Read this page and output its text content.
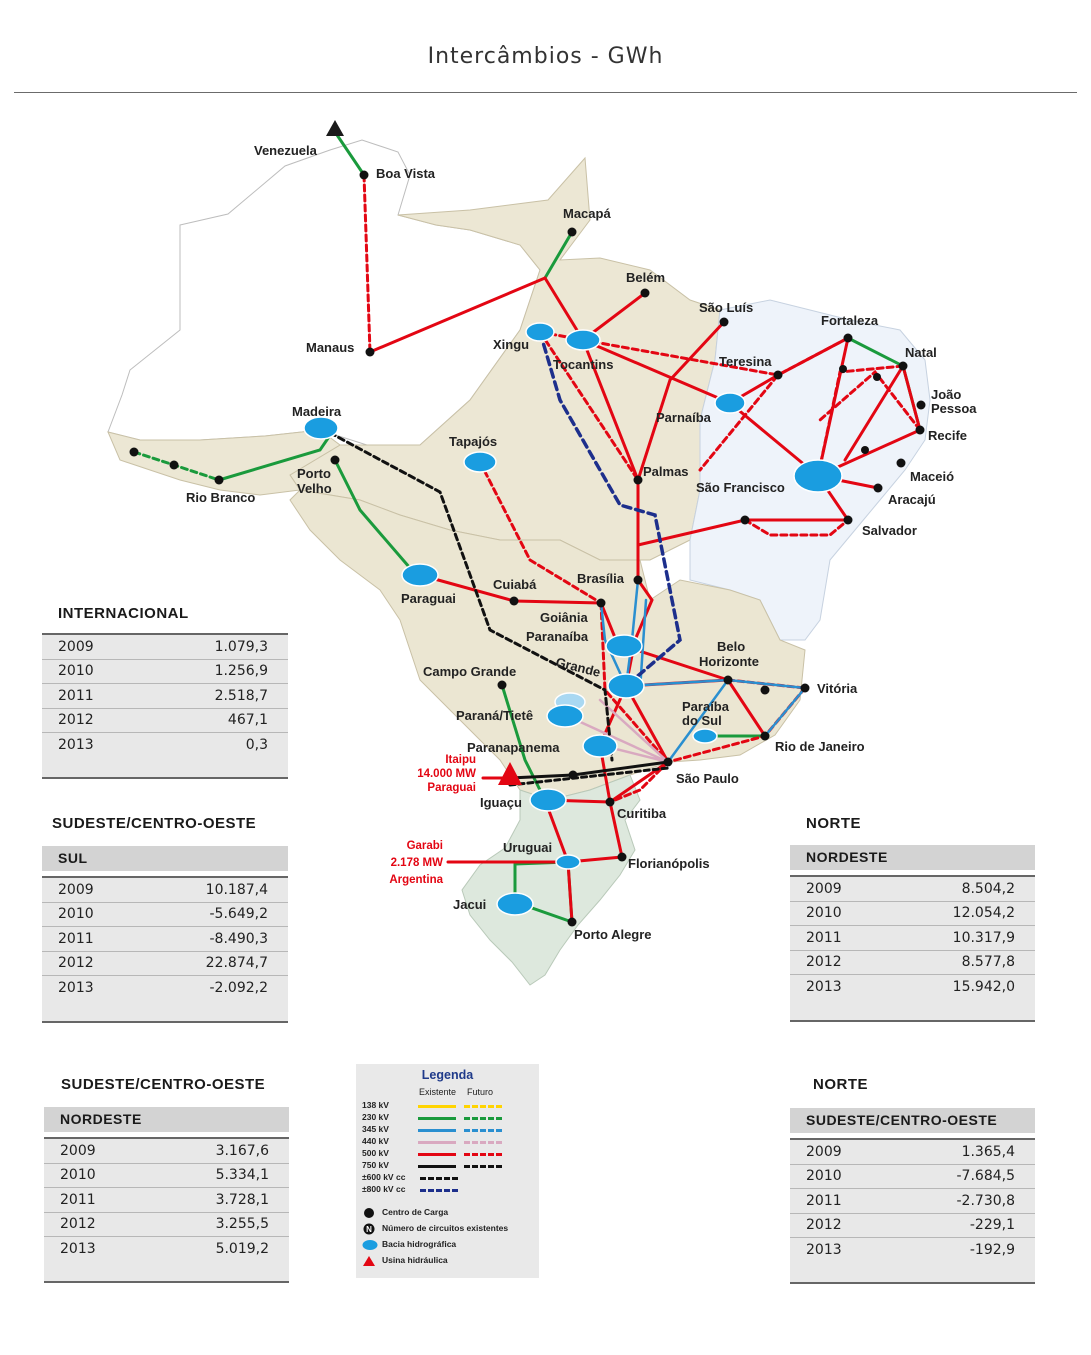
Intercâmbios - GWh
Venezuela
Boa Vista
Macapá
Belém
São Luís
Fortaleza
Natal
João
Pessoa
Recife
Maceió
Aracajú
Salvador
São Francisco
Teresina
Parnaíba
Tocantins
Xingu
Manaus
Madeira
Tapajós
Palmas
Rio Branco
Porto
Velho
Paraguai
Cuiabá	Brasília
Goiânia
Paranaíba
Grande
Belo
Horizonte
Vitória
Campo Grande
Paraná/Tietê
Paraíba
do Sul
Rio de Janeiro
Paranapanema
São Paulo
Iguaçu
Curitiba
Uruguai
Florianópolis
Jacui
Porto Alegre
Itaipu
14.000 MW
Paraguai
Garabi
2.178 MW
Argentina
INTERNACIONAL
2009	1.079,3
2010	1.256,9
2011	2.518,7
2012	467,1
2013	0,3
SUDESTE/CENTRO-OESTE
SUL
2009	10.187,4
2010	-5.649,2
2011	-8.490,3
2012	22.874,7
2013	-2.092,2
NORTE
NORDESTE
2009	8.504,2
2010	12.054,2
2011	10.317,9
2012	8.577,8
2013	15.942,0
SUDESTE/CENTRO-OESTE
NORDESTE
2009	3.167,6
2010	5.334,1
2011	3.728,1
2012	3.255,5
2013	5.019,2
NORTE
SUDESTE/CENTRO-OESTE
2009	1.365,4
2010	-7.684,5
2011	-2.730,8
2012	-229,1
2013	-192,9
Legenda
Existente Futuro
138 kV
230 kV
345 kV
440 kV
500 kV
750 kV
±600 kV cc
±800 kV cc
Centro de Carga
N Número de circuitos existentes
Bacia hidrográfica
Usina hidráulica
